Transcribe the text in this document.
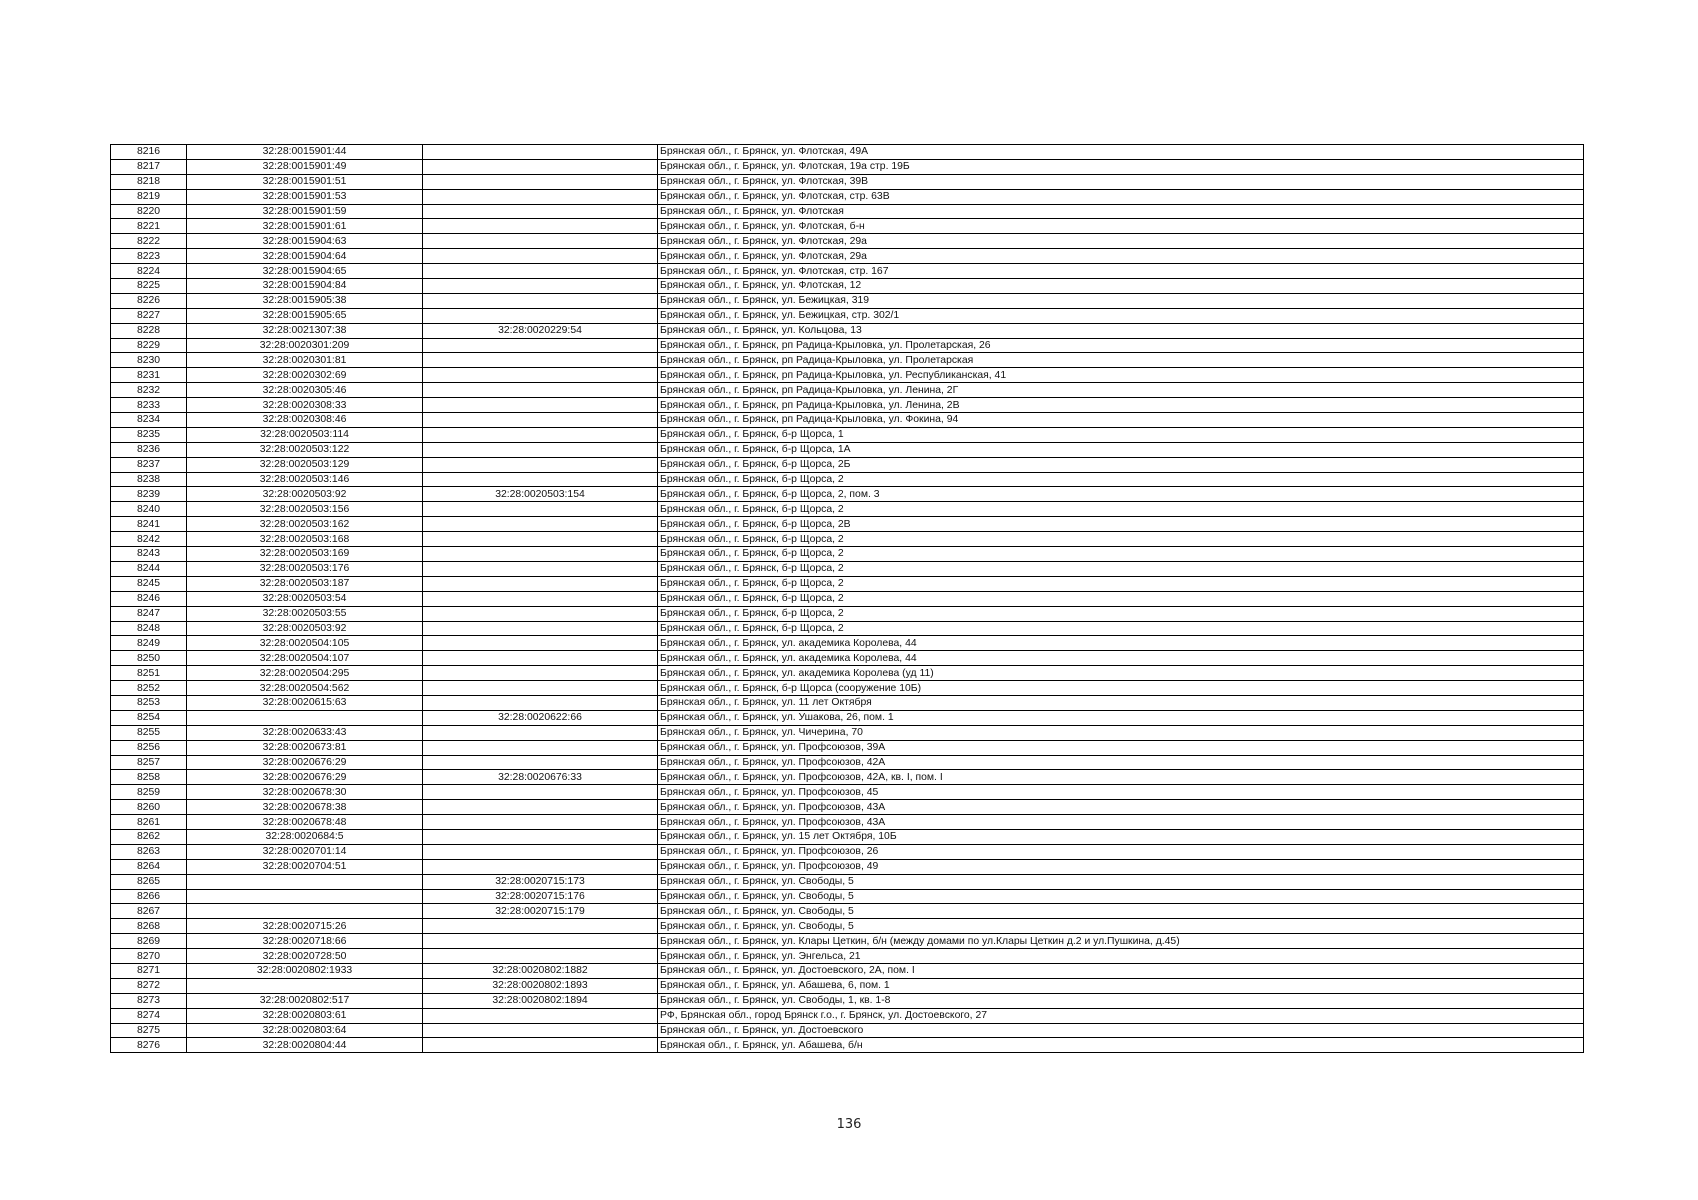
8216	32:28:0015901:44		Брянская обл., г. Брянск, ул. Флотская, 49А
8217	32:28:0015901:49		Брянская обл., г. Брянск, ул. Флотская, 19а стр. 19Б
8218	32:28:0015901:51		Брянская обл., г. Брянск, ул. Флотская, 39В
8219	32:28:0015901:53		Брянская обл., г. Брянск, ул. Флотская, стр. 63В
8220	32:28:0015901:59		Брянская обл., г. Брянск, ул. Флотская
8221	32:28:0015901:61		Брянская обл., г. Брянск, ул. Флотская, б-н
8222	32:28:0015904:63		Брянская обл., г. Брянск, ул. Флотская, 29а
8223	32:28:0015904:64		Брянская обл., г. Брянск, ул. Флотская, 29а
8224	32:28:0015904:65		Брянская обл., г. Брянск, ул. Флотская, стр. 167
8225	32:28:0015904:84		Брянская обл., г. Брянск, ул. Флотская, 12
8226	32:28:0015905:38		Брянская обл., г. Брянск, ул. Бежицкая, 319
8227	32:28:0015905:65		Брянская обл., г. Брянск, ул. Бежицкая, стр. 302/1
8228	32:28:0021307:38	32:28:0020229:54	Брянская обл., г. Брянск, ул. Кольцова, 13
8229	32:28:0020301:209		Брянская обл., г. Брянск, рп Радица-Крыловка, ул. Пролетарская, 26
8230	32:28:0020301:81		Брянская обл., г. Брянск, рп Радица-Крыловка, ул. Пролетарская
8231	32:28:0020302:69		Брянская обл., г. Брянск, рп Радица-Крыловка, ул. Республиканская, 41
8232	32:28:0020305:46		Брянская обл., г. Брянск, рп Радица-Крыловка, ул. Ленина, 2Г
8233	32:28:0020308:33		Брянская обл., г. Брянск, рп Радица-Крыловка, ул. Ленина, 2В
8234	32:28:0020308:46		Брянская обл., г. Брянск, рп Радица-Крыловка, ул. Фокина, 94
8235	32:28:0020503:114		Брянская обл., г. Брянск, б-р Щорса, 1
8236	32:28:0020503:122		Брянская обл., г. Брянск, б-р Щорса, 1А
8237	32:28:0020503:129		Брянская обл., г. Брянск, б-р Щорса, 2Б
8238	32:28:0020503:146		Брянская обл., г. Брянск, б-р Щорса, 2
8239	32:28:0020503:92	32:28:0020503:154	Брянская обл., г. Брянск, б-р Щорса, 2, пом. 3
8240	32:28:0020503:156		Брянская обл., г. Брянск, б-р Щорса, 2
8241	32:28:0020503:162		Брянская обл., г. Брянск, б-р Щорса, 2В
8242	32:28:0020503:168		Брянская обл., г. Брянск, б-р Щорса, 2
8243	32:28:0020503:169		Брянская обл., г. Брянск, б-р Щорса, 2
8244	32:28:0020503:176		Брянская обл., г. Брянск, б-р Щорса, 2
8245	32:28:0020503:187		Брянская обл., г. Брянск, б-р Щорса, 2
8246	32:28:0020503:54		Брянская обл., г. Брянск, б-р Щорса, 2
8247	32:28:0020503:55		Брянская обл., г. Брянск, б-р Щорса, 2
8248	32:28:0020503:92		Брянская обл., г. Брянск, б-р Щорса, 2
8249	32:28:0020504:105		Брянская обл., г. Брянск, ул. академика Королева, 44
8250	32:28:0020504:107		Брянская обл., г. Брянск, ул. академика Королева, 44
8251	32:28:0020504:295		Брянская обл., г. Брянск, ул. академика Королева (уд 11)
8252	32:28:0020504:562		Брянская обл., г. Брянск, б-р Щорса (сооружение 10Б)
8253	32:28:0020615:63		Брянская обл., г. Брянск, ул. 11 лет Октября
8254		32:28:0020622:66	Брянская обл., г. Брянск, ул. Ушакова, 26, пом. 1
8255	32:28:0020633:43		Брянская обл., г. Брянск, ул. Чичерина, 70
8256	32:28:0020673:81		Брянская обл., г. Брянск, ул. Профсоюзов, 39А
8257	32:28:0020676:29		Брянская обл., г. Брянск, ул. Профсоюзов, 42А
8258	32:28:0020676:29	32:28:0020676:33	Брянская обл., г. Брянск, ул. Профсоюзов, 42А, кв. I, пом. I
8259	32:28:0020678:30		Брянская обл., г. Брянск, ул. Профсоюзов, 45
8260	32:28:0020678:38		Брянская обл., г. Брянск, ул. Профсоюзов, 43А
8261	32:28:0020678:48		Брянская обл., г. Брянск, ул. Профсоюзов, 43А
8262	32:28:0020684:5		Брянская обл., г. Брянск, ул. 15 лет Октября, 10Б
8263	32:28:0020701:14		Брянская обл., г. Брянск, ул. Профсоюзов, 26
8264	32:28:0020704:51		Брянская обл., г. Брянск, ул. Профсоюзов, 49
8265		32:28:0020715:173	Брянская обл., г. Брянск, ул. Свободы, 5
8266		32:28:0020715:176	Брянская обл., г. Брянск, ул. Свободы, 5
8267		32:28:0020715:179	Брянская обл., г. Брянск, ул. Свободы, 5
8268	32:28:0020715:26		Брянская обл., г. Брянск, ул. Свободы, 5
8269	32:28:0020718:66		Брянская обл., г. Брянск, ул. Клары Цеткин, б/н (между домами по ул.Клары Цеткин д.2 и ул.Пушкина, д.45)
8270	32:28:0020728:50		Брянская обл., г. Брянск, ул. Энгельса, 21
8271	32:28:0020802:1933	32:28:0020802:1882	Брянская обл., г. Брянск, ул. Достоевского, 2А, пом. I
8272		32:28:0020802:1893	Брянская обл., г. Брянск, ул. Абашева, 6, пом. 1
8273	32:28:0020802:517	32:28:0020802:1894	Брянская обл., г. Брянск, ул. Свободы, 1, кв. 1-8
8274	32:28:0020803:61		РФ, Брянская обл., город Брянск г.о., г. Брянск, ул. Достоевского, 27
8275	32:28:0020803:64		Брянская обл., г. Брянск, ул. Достоевского
8276	32:28:0020804:44		Брянская обл., г. Брянск, ул. Абашева, б/н
136
